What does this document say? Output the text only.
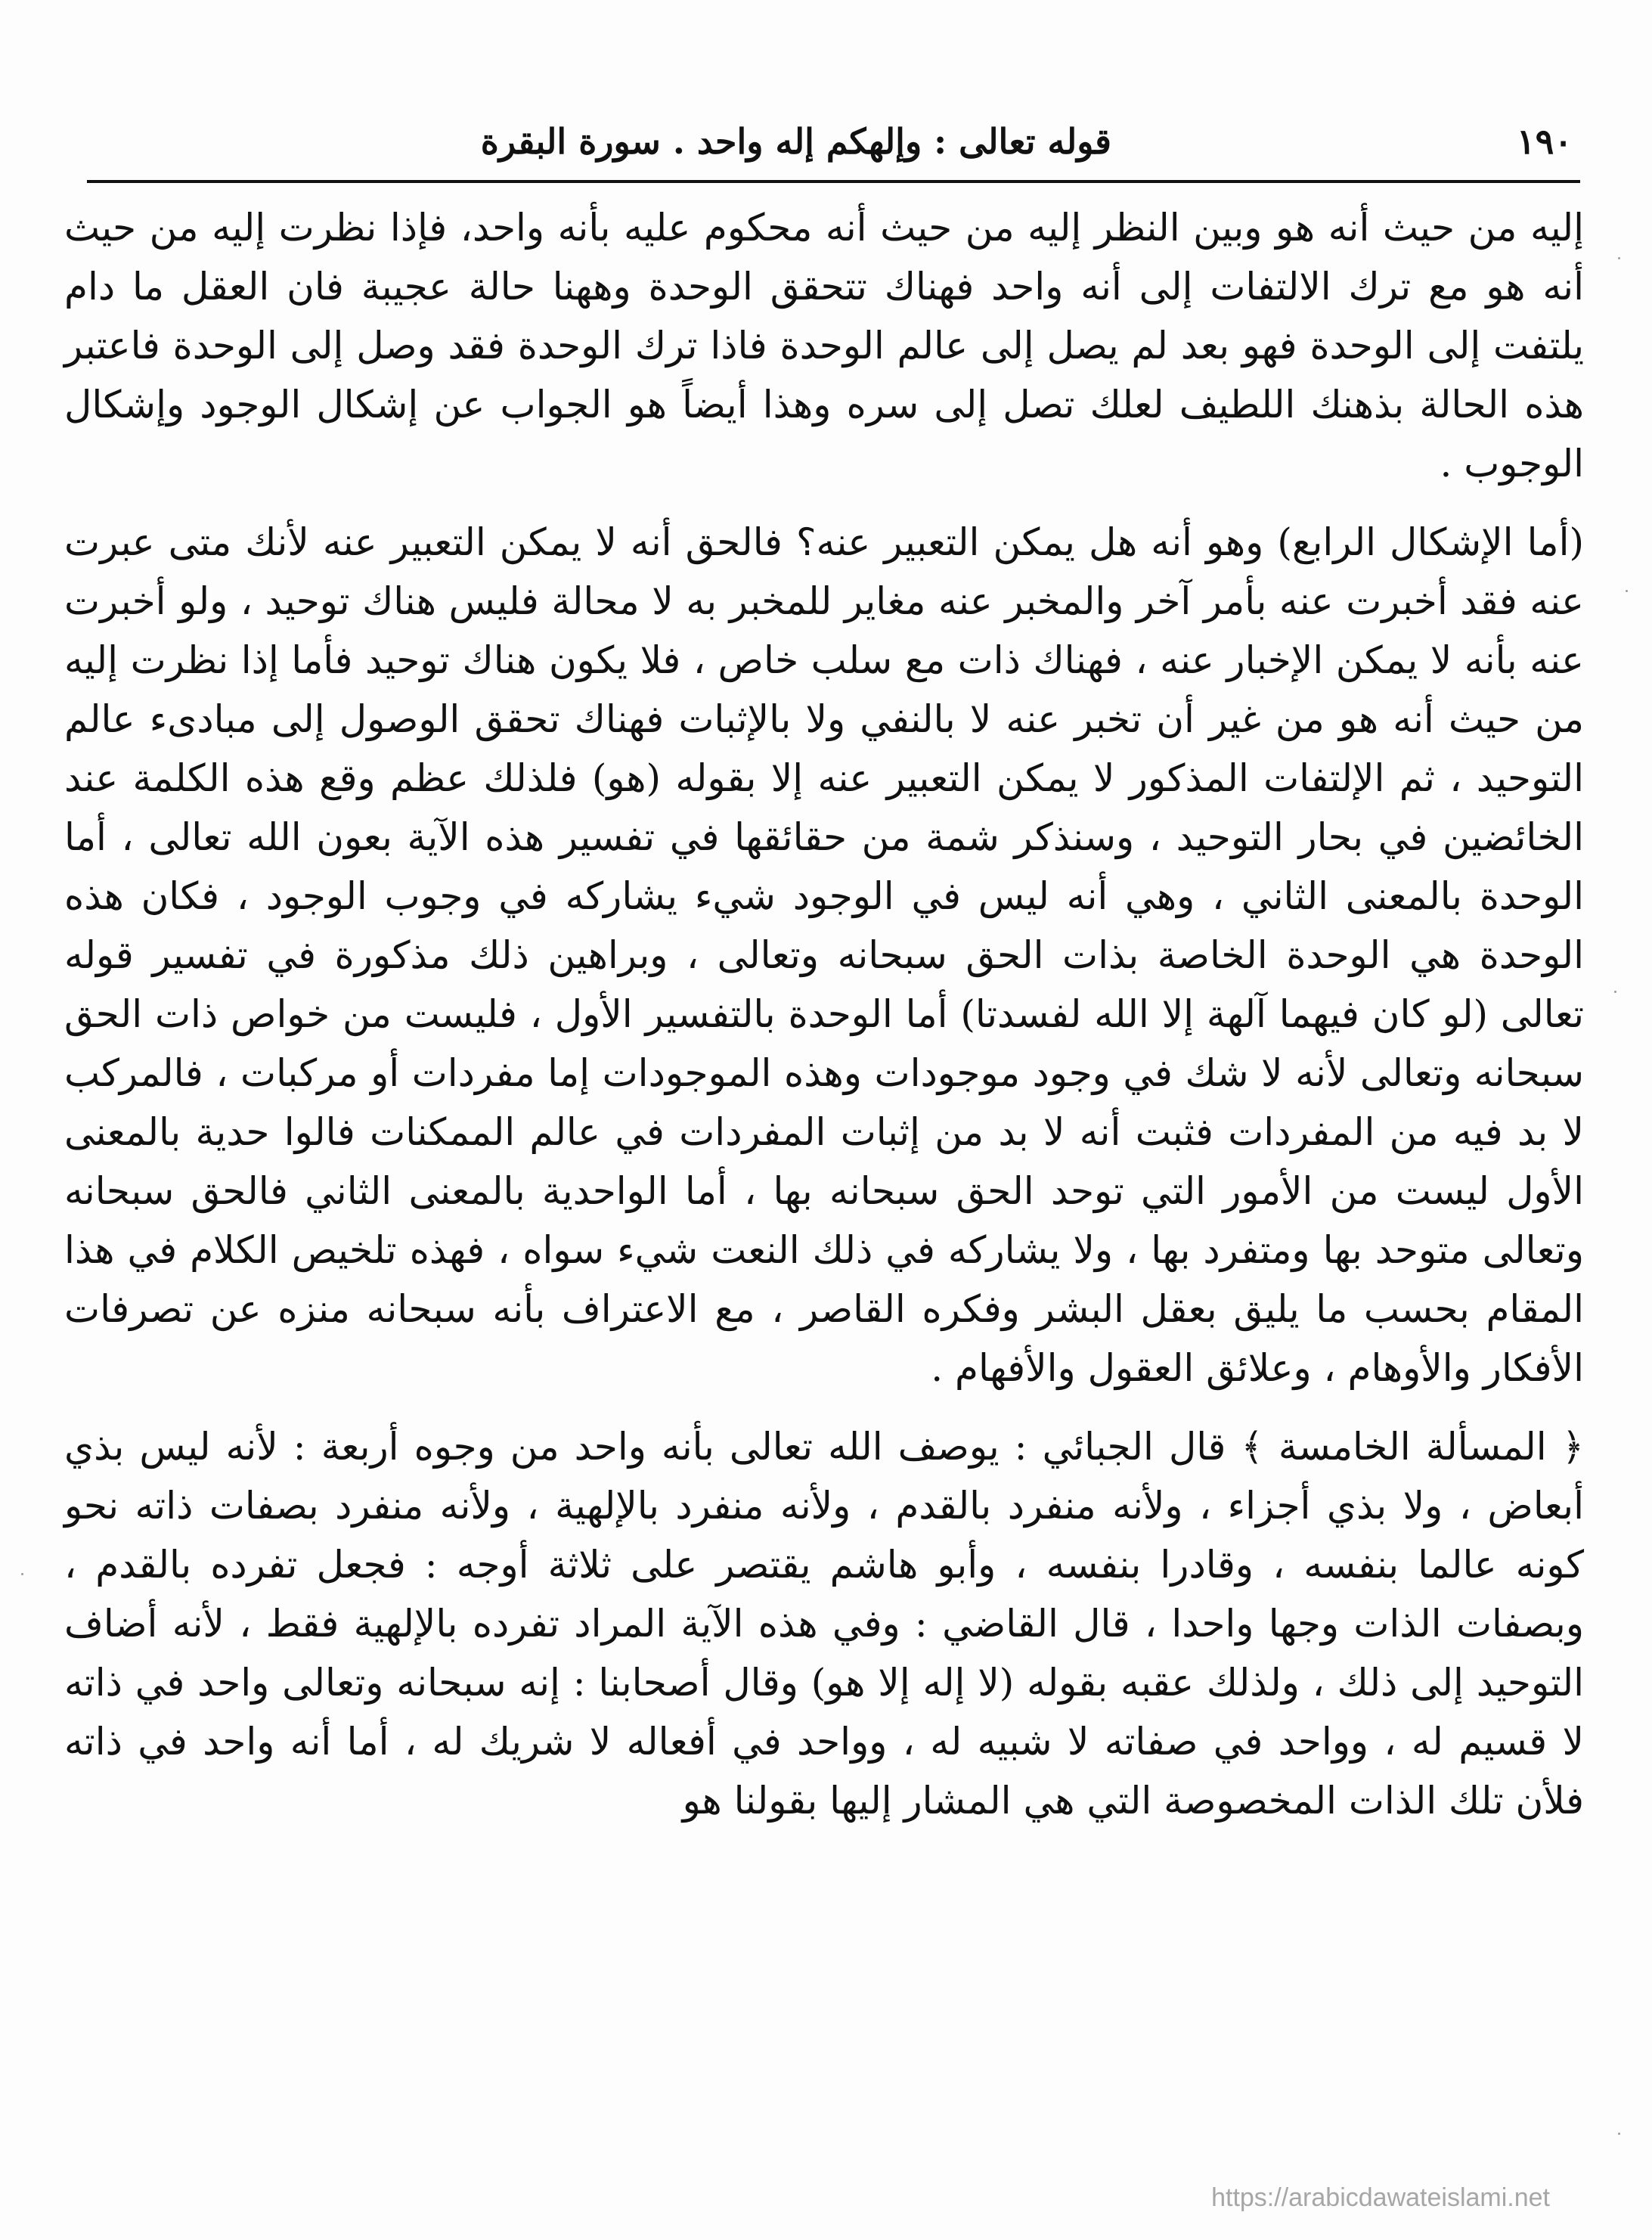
١٩٠
قوله تعالى : وإلهكم إله واحد . سورة البقرة

إليه من حيث أنه هو وبين النظر إليه من حيث أنه محكوم عليه بأنه واحد، فإذا نظرت إليه من حيث أنه هو مع ترك الالتفات إلى أنه واحد فهناك تتحقق الوحدة وههنا حالة عجيبة فان العقل ما دام يلتفت إلى الوحدة فهو بعد لم يصل إلى عالم الوحدة فاذا ترك الوحدة فقد وصل إلى الوحدة فاعتبر هذه الحالة بذهنك اللطيف لعلك تصل إلى سره وهذا أيضاً هو الجواب عن إشكال الوجود وإشكال الوجوب .

(أما الإشكال الرابع) وهو أنه هل يمكن التعبير عنه؟ فالحق أنه لا يمكن التعبير عنه لأنك متى عبرت عنه فقد أخبرت عنه بأمر آخر والمخبر عنه مغاير للمخبر به لا محالة فليس هناك توحيد ، ولو أخبرت عنه بأنه لا يمكن الإخبار عنه ، فهناك ذات مع سلب خاص ، فلا يكون هناك توحيد فأما إذا نظرت إليه من حيث أنه هو من غير أن تخبر عنه لا بالنفي ولا بالإثبات فهناك تحقق الوصول إلى مبادىء عالم التوحيد ، ثم الإلتفات المذكور لا يمكن التعبير عنه إلا بقوله (هو) فلذلك عظم وقع هذه الكلمة عند الخائضين في بحار التوحيد ، وسنذكر شمة من حقائقها في تفسير هذه الآية بعون الله تعالى ، أما الوحدة بالمعنى الثاني ، وهي أنه ليس في الوجود شيء يشاركه في وجوب الوجود ، فكان هذه الوحدة هي الوحدة الخاصة بذات الحق سبحانه وتعالى ، وبراهين ذلك مذكورة في تفسير قوله تعالى (لو كان فيهما آلهة إلا الله لفسدتا) أما الوحدة بالتفسير الأول ، فليست من خواص ذات الحق سبحانه وتعالى لأنه لا شك في وجود موجودات وهذه الموجودات إما مفردات أو مركبات ، فالمركب لا بد فيه من المفردات فثبت أنه لا بد من إثبات المفردات في عالم الممكنات فالوا حدية بالمعنى الأول ليست من الأمور التي توحد الحق سبحانه بها ، أما الواحدية بالمعنى الثاني فالحق سبحانه وتعالى متوحد بها ومتفرد بها ، ولا يشاركه في ذلك النعت شيء سواه ، فهذه تلخيص الكلام في هذا المقام بحسب ما يليق بعقل البشر وفكره القاصر ، مع الاعتراف بأنه سبحانه منزه عن تصرفات الأفكار والأوهام ، وعلائق العقول والأفهام .

﴿ المسألة الخامسة ﴾ قال الجبائي : يوصف الله تعالى بأنه واحد من وجوه أربعة : لأنه ليس بذي أبعاض ، ولا بذي أجزاء ، ولأنه منفرد بالقدم ، ولأنه منفرد بالإلهية ، ولأنه منفرد بصفات ذاته نحو كونه عالما بنفسه ، وقادرا بنفسه ، وأبو هاشم يقتصر على ثلاثة أوجه : فجعل تفرده بالقدم ، وبصفات الذات وجها واحدا ، قال القاضي : وفي هذه الآية المراد تفرده بالإلهية فقط ، لأنه أضاف التوحيد إلى ذلك ، ولذلك عقبه بقوله (لا إله إلا هو) وقال أصحابنا : إنه سبحانه وتعالى واحد في ذاته لا قسيم له ، وواحد في صفاته لا شبيه له ، وواحد في أفعاله لا شريك له ، أما أنه واحد في ذاته فلأن تلك الذات المخصوصة التي هي المشار إليها بقولنا هو

https://arabicdawateislami.net
